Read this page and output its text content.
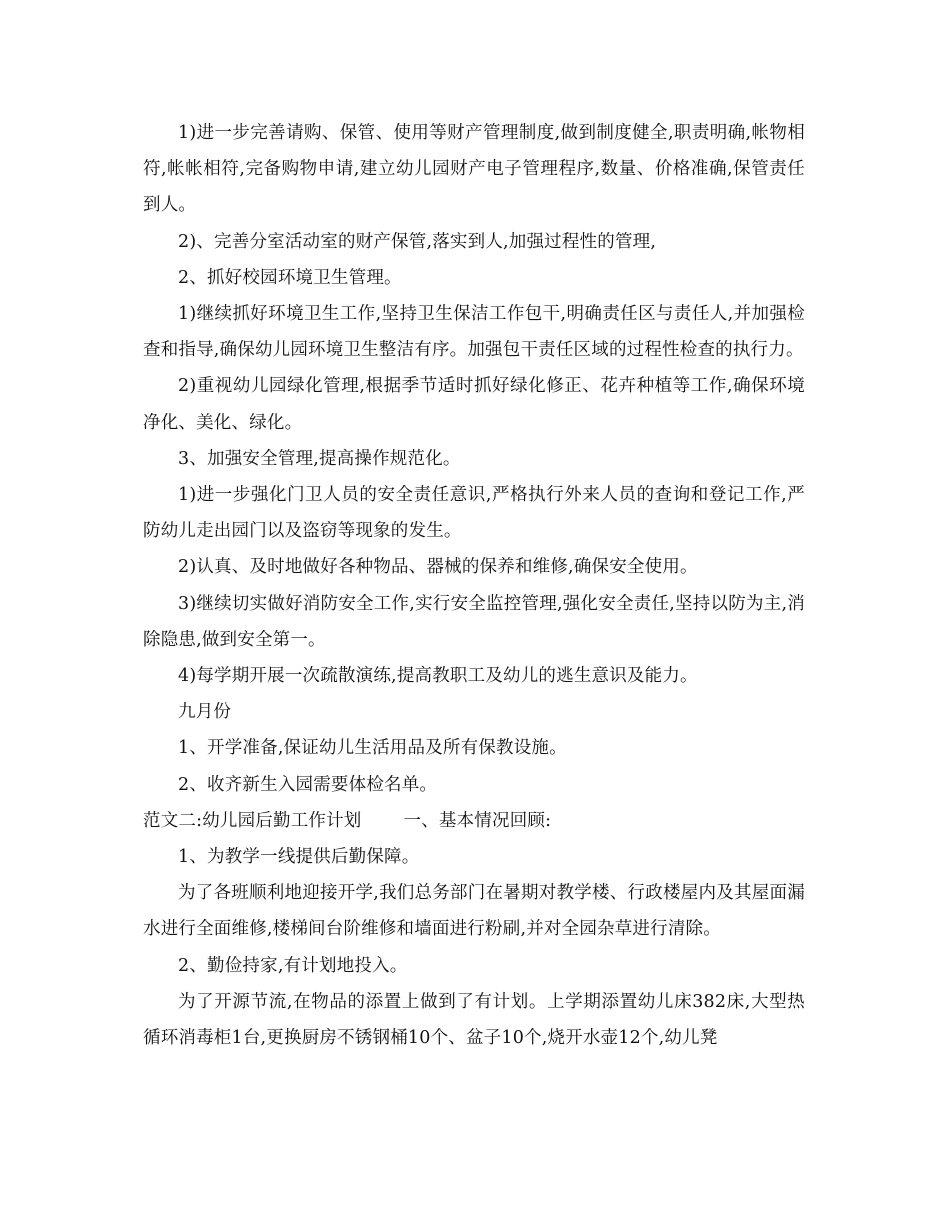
1)进一步完善请购、保管、使用等财产管理制度,做到制度健全,职责明确,帐物相符,帐帐相符,完备购物申请,建立幼儿园财产电子管理程序,数量、价格准确,保管责任到人。

2)、完善分室活动室的财产保管,落实到人,加强过程性的管理,

2、抓好校园环境卫生管理。

1)继续抓好环境卫生工作,坚持卫生保洁工作包干,明确责任区与责任人,并加强检查和指导,确保幼儿园环境卫生整洁有序。加强包干责任区域的过程性检查的执行力。

2)重视幼儿园绿化管理,根据季节适时抓好绿化修正、花卉种植等工作,确保环境净化、美化、绿化。

3、加强安全管理,提高操作规范化。

1)进一步强化门卫人员的安全责任意识,严格执行外来人员的查询和登记工作,严防幼儿走出园门以及盗窃等现象的发生。

2)认真、及时地做好各种物品、器械的保养和维修,确保安全使用。

3)继续切实做好消防安全工作,实行安全监控管理,强化安全责任,坚持以防为主,消除隐患,做到安全第一。

4)每学期开展一次疏散演练,提高教职工及幼儿的逃生意识及能力。

九月份

1、开学准备,保证幼儿生活用品及所有保教设施。

2、收齐新生入园需要体检名单。

范文二:幼儿园后勤工作计划 一、基本情况回顾:

1、为教学一线提供后勤保障。

为了各班顺利地迎接开学,我们总务部门在暑期对教学楼、行政楼屋内及其屋面漏水进行全面维修,楼梯间台阶维修和墙面进行粉刷,并对全园杂草进行清除。

2、勤俭持家,有计划地投入。

为了开源节流,在物品的添置上做到了有计划。上学期添置幼儿床382床,大型热循环消毒柜1台,更换厨房不锈钢桶10个、盆子10个,烧开水壶12个,幼儿凳
